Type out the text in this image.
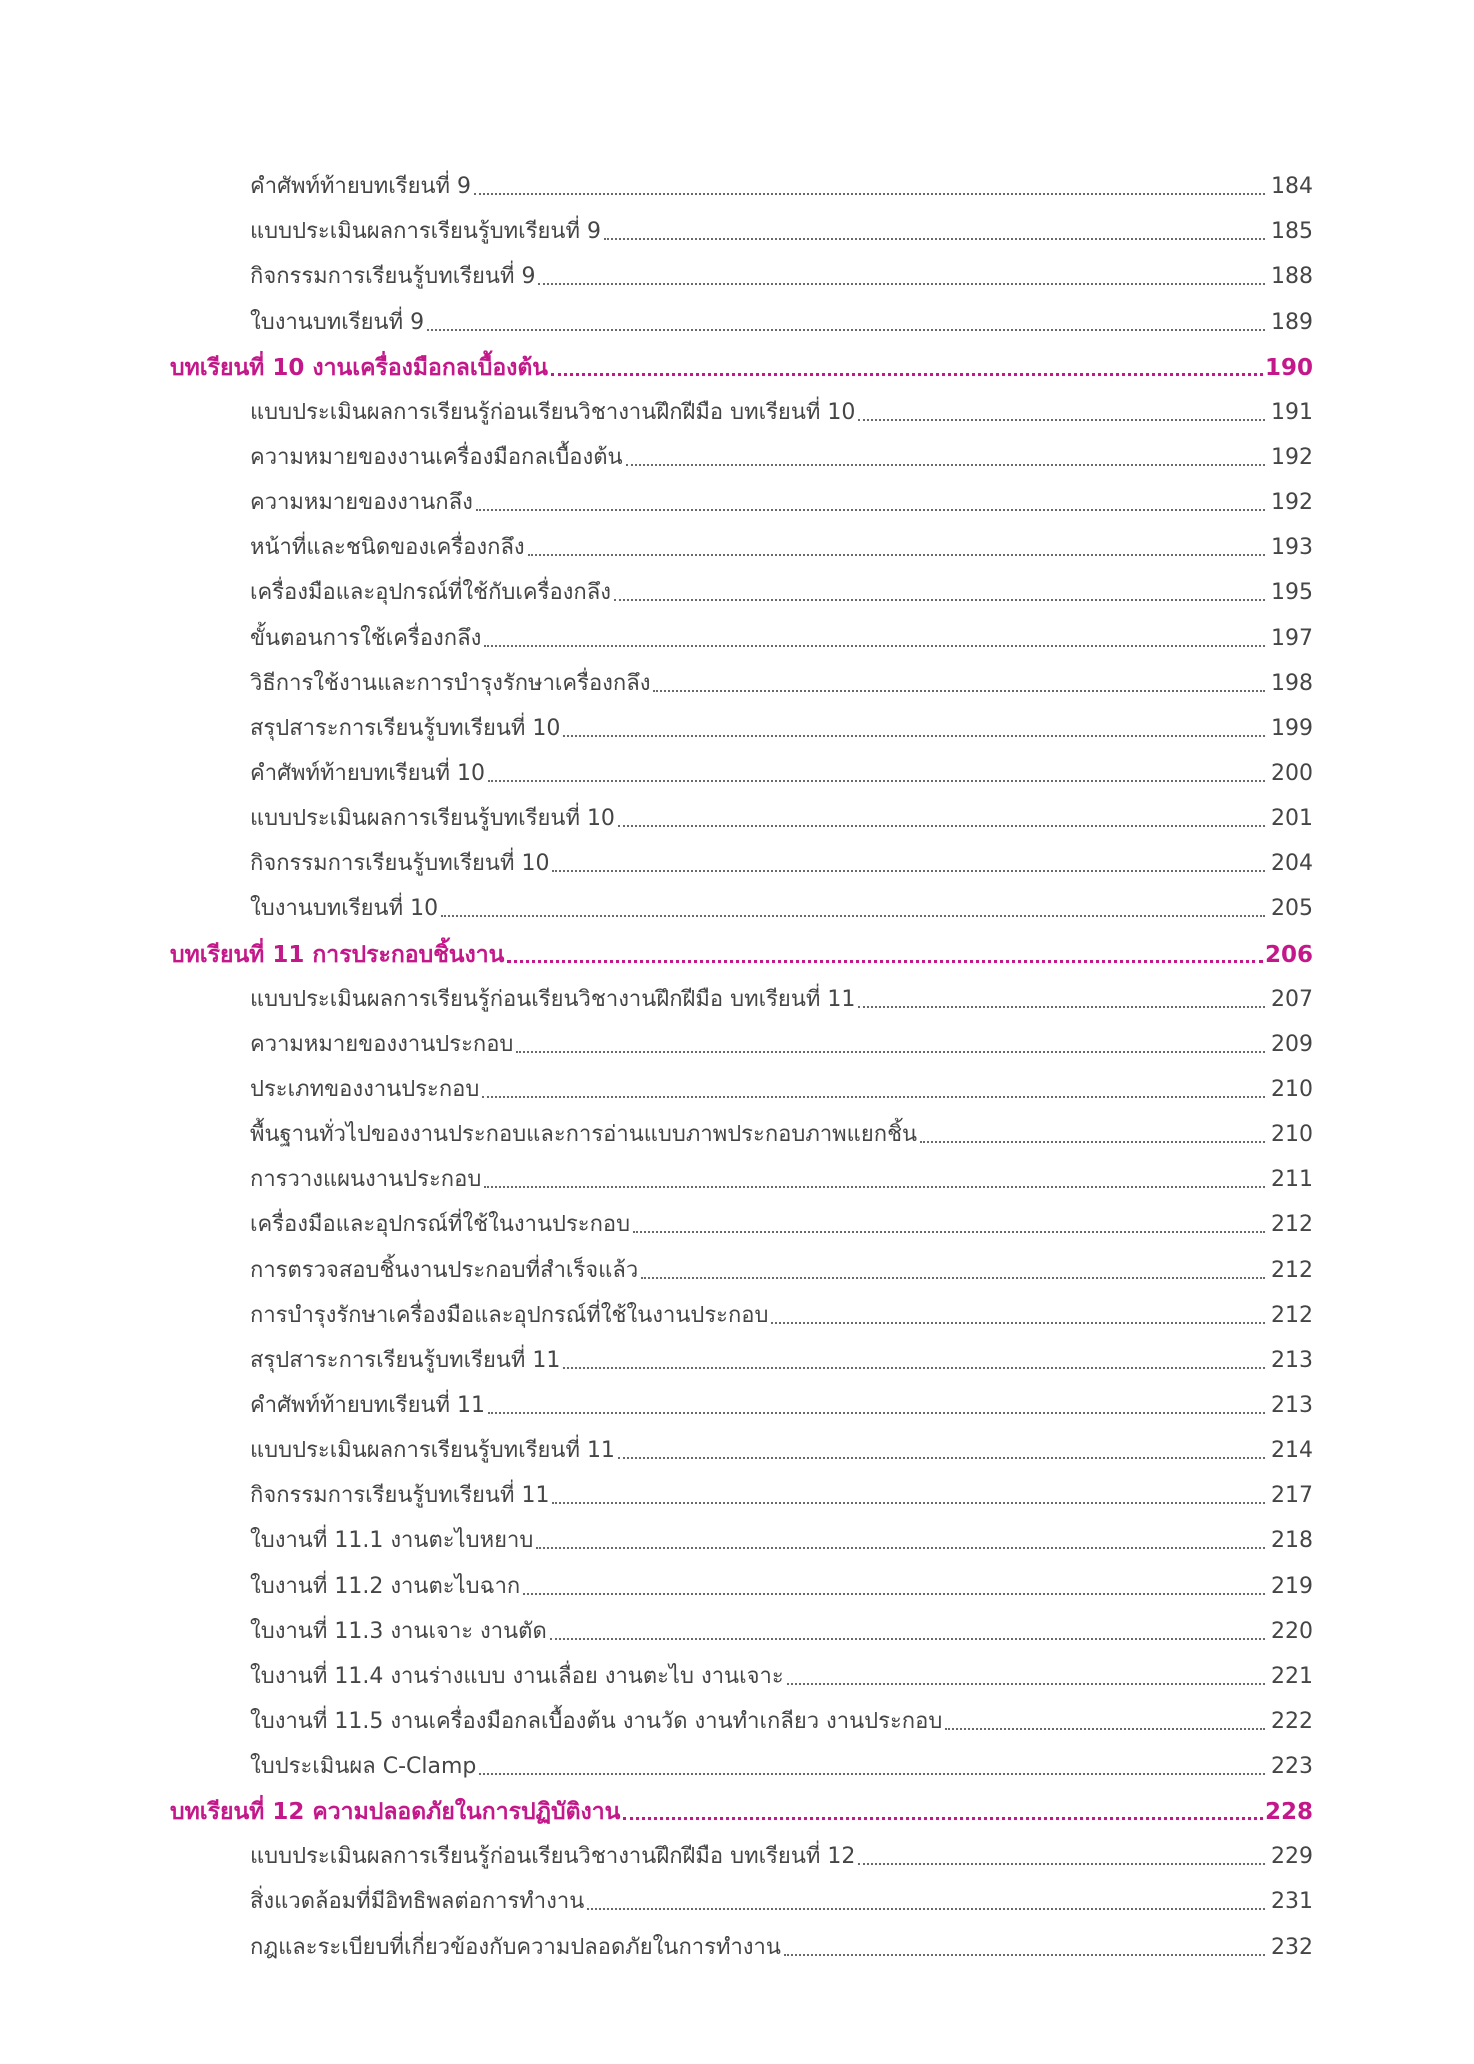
คำศัพท์ท้ายบทเรียนที่ 9	184
แบบประเมินผลการเรียนรู้บทเรียนที่ 9	185
กิจกรรมการเรียนรู้บทเรียนที่ 9	188
ใบงานบทเรียนที่ 9	189
บทเรียนที่ 10 งานเครื่องมือกลเบื้องต้น	190
แบบประเมินผลการเรียนรู้ก่อนเรียนวิชางานฝึกฝีมือ บทเรียนที่ 10	191
ความหมายของงานเครื่องมือกลเบื้องต้น	192
ความหมายของงานกลึง	192
หน้าที่และชนิดของเครื่องกลึง	193
เครื่องมือและอุปกรณ์ที่ใช้กับเครื่องกลึง	195
ขั้นตอนการใช้เครื่องกลึง	197
วิธีการใช้งานและการบำรุงรักษาเครื่องกลึง	198
สรุปสาระการเรียนรู้บทเรียนที่ 10	199
คำศัพท์ท้ายบทเรียนที่ 10	200
แบบประเมินผลการเรียนรู้บทเรียนที่ 10	201
กิจกรรมการเรียนรู้บทเรียนที่ 10	204
ใบงานบทเรียนที่ 10	205
บทเรียนที่ 11 การประกอบชิ้นงาน	206
แบบประเมินผลการเรียนรู้ก่อนเรียนวิชางานฝึกฝีมือ บทเรียนที่ 11	207
ความหมายของงานประกอบ	209
ประเภทของงานประกอบ	210
พื้นฐานทั่วไปของงานประกอบและการอ่านแบบภาพประกอบภาพแยกชิ้น	210
การวางแผนงานประกอบ	211
เครื่องมือและอุปกรณ์ที่ใช้ในงานประกอบ	212
การตรวจสอบชิ้นงานประกอบที่สำเร็จแล้ว	212
การบำรุงรักษาเครื่องมือและอุปกรณ์ที่ใช้ในงานประกอบ	212
สรุปสาระการเรียนรู้บทเรียนที่ 11	213
คำศัพท์ท้ายบทเรียนที่ 11	213
แบบประเมินผลการเรียนรู้บทเรียนที่ 11	214
กิจกรรมการเรียนรู้บทเรียนที่ 11	217
ใบงานที่ 11.1 งานตะไบหยาบ	218
ใบงานที่ 11.2 งานตะไบฉาก	219
ใบงานที่ 11.3 งานเจาะ งานตัด	220
ใบงานที่ 11.4 งานร่างแบบ งานเลื่อย งานตะไบ งานเจาะ	221
ใบงานที่ 11.5 งานเครื่องมือกลเบื้องต้น งานวัด งานทำเกลียว งานประกอบ	222
ใบประเมินผล C-Clamp	223
บทเรียนที่ 12 ความปลอดภัยในการปฏิบัติงาน	228
แบบประเมินผลการเรียนรู้ก่อนเรียนวิชางานฝึกฝีมือ บทเรียนที่ 12	229
สิ่งแวดล้อมที่มีอิทธิพลต่อการทำงาน	231
กฎและระเบียบที่เกี่ยวข้องกับความปลอดภัยในการทำงาน	232
